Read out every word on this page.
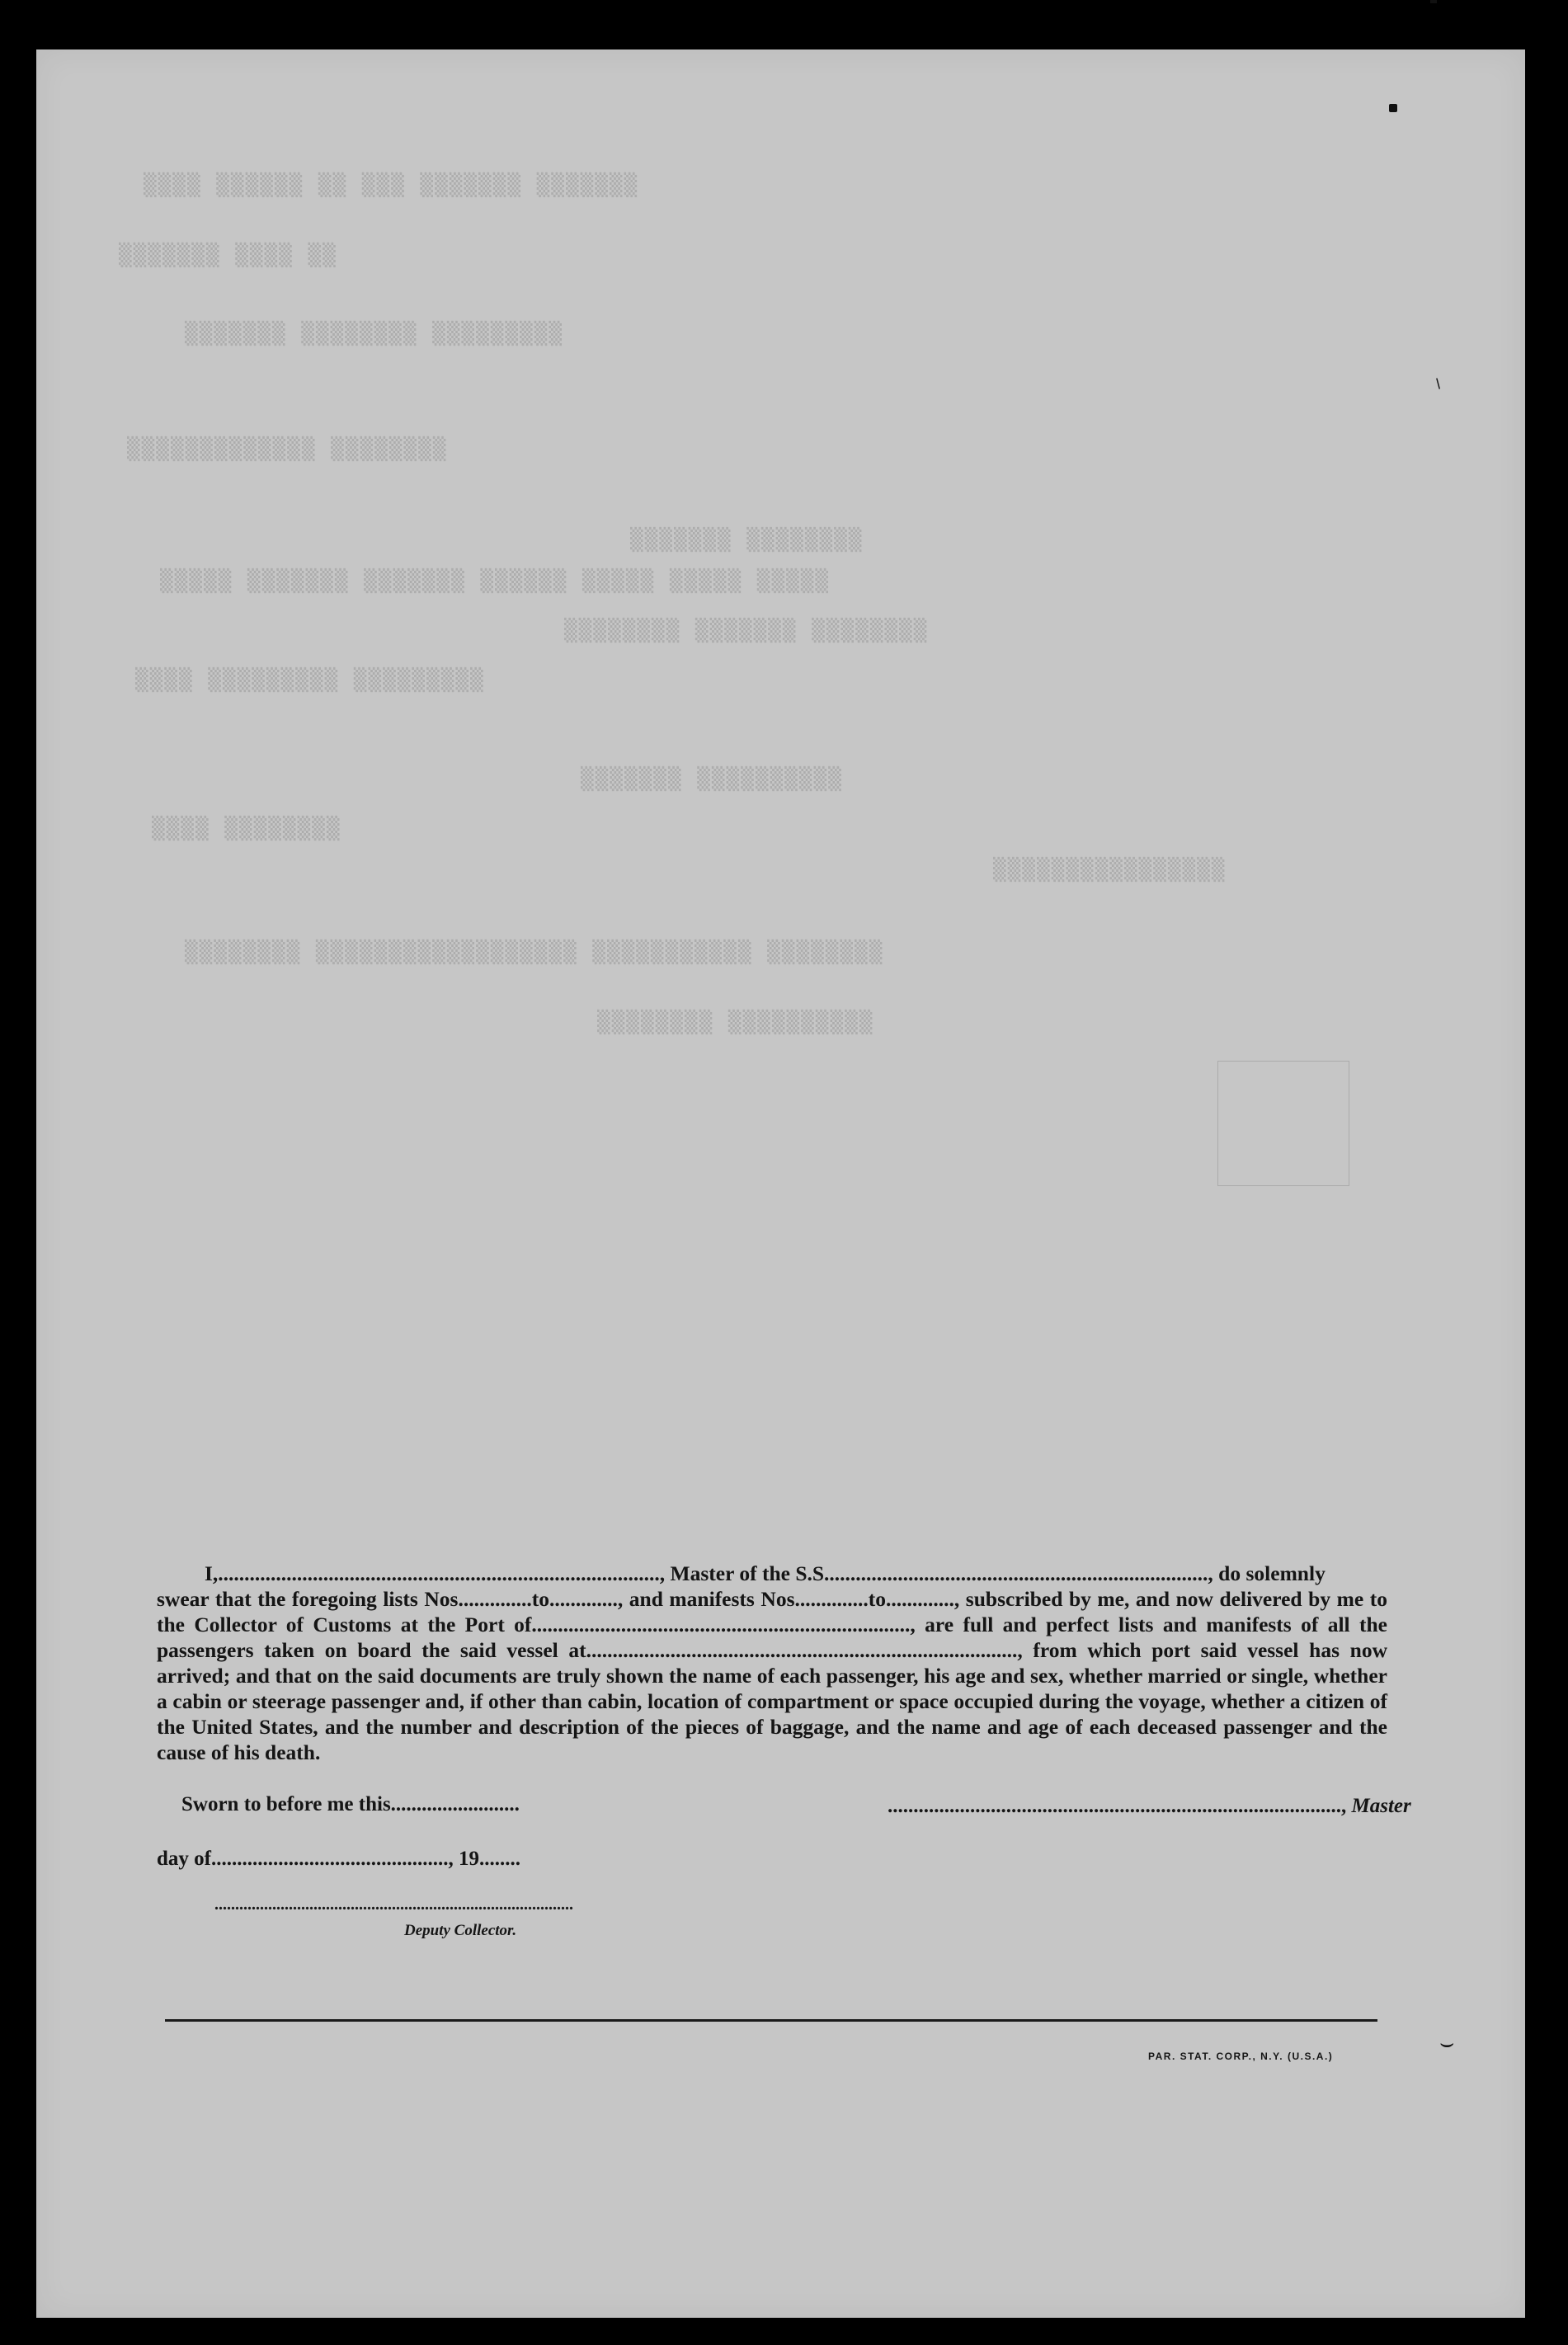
▒▒▒▒ ▒▒▒▒▒▒ ▒▒ ▒▒▒ ▒▒▒▒▒▒▒ ▒▒▒▒▒▒▒
▒▒▒▒▒▒▒ ▒▒▒▒ ▒▒
▒▒▒▒▒▒▒ ▒▒▒▒▒▒▒▒ ▒▒▒▒▒▒▒▒▒
▒▒▒▒▒▒▒▒▒▒▒▒▒ ▒▒▒▒▒▒▒▒
▒▒▒▒▒▒▒ ▒▒▒▒▒▒▒▒
▒▒▒▒▒ ▒▒▒▒▒▒▒ ▒▒▒▒▒▒▒ ▒▒▒▒▒▒ ▒▒▒▒▒ ▒▒▒▒▒ ▒▒▒▒▒
▒▒▒▒▒▒▒▒ ▒▒▒▒▒▒▒ ▒▒▒▒▒▒▒▒
▒▒▒▒ ▒▒▒▒▒▒▒▒▒ ▒▒▒▒▒▒▒▒▒
▒▒▒▒▒▒▒ ▒▒▒▒▒▒▒▒▒▒
▒▒▒▒ ▒▒▒▒▒▒▒▒
▒▒▒▒▒▒▒▒▒▒▒▒▒▒▒▒
▒▒▒▒▒▒▒▒ ▒▒▒▒▒▒▒▒▒▒▒▒▒▒▒▒▒▒ ▒▒▒▒▒▒▒▒▒▒▒ ▒▒▒▒▒▒▒▒
▒▒▒▒▒▒▒▒ ▒▒▒▒▒▒▒▒▒▒
⸜
⌣
I,...................................................................................., Master of the S.S........................................................................., do solemnly
swear that the foregoing lists Nos..............to............., and manifests Nos..............to............., subscribed by me, and now delivered by me to the Collector of Customs at the Port of........................................................................, are full and perfect lists and manifests of all the passengers taken on board the said vessel at.................................................................................., from which port said vessel has now arrived; and that on the said documents are truly shown the name of each passenger, his age and sex, whether married or single, whether a cabin or steerage passenger and, if other than cabin, location of compartment or space occupied during the voyage, whether a citizen of the United States, and the number and description of the pieces of baggage, and the name and age of each deceased passenger and the cause of his death.
Sworn to before me this.........................	........................................................................................, Master
day of.............................................., 19........
.......................................................................................
Deputy Collector.
PAR. STAT. CORP., N.Y. (U.S.A.)
